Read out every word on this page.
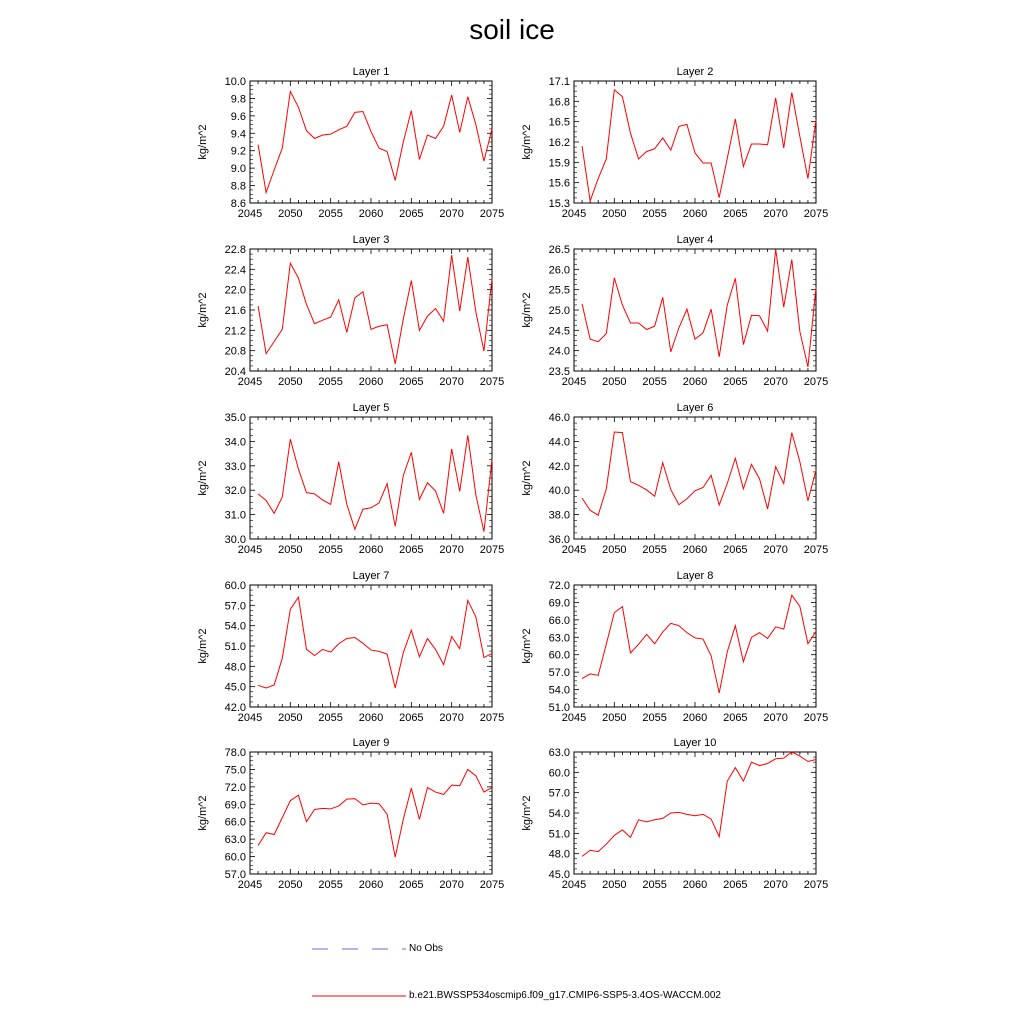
soil ice
Layer 1
2045 2050 2055 2060 2065 2070 2075
8.6
8.8
9.0
9.2
9.4
9.6
9.8
10.0
kg/m^2
Layer 2
2045 2050 2055 2060 2065 2070 2075
15.3
15.6
15.9
16.2
16.5
16.8
17.1
kg/m^2
Layer 3
2045 2050 2055 2060 2065 2070 2075
20.4
20.8
21.2
21.6
22.0
22.4
22.8
kg/m^2
Layer 4
2045 2050 2055 2060 2065 2070 2075
23.5
24.0
24.5
25.0
25.5
26.0
26.5
kg/m^2
Layer 5
2045 2050 2055 2060 2065 2070 2075
30.0
31.0
32.0
33.0
34.0
35.0
kg/m^2
Layer 6
2045 2050 2055 2060 2065 2070 2075
36.0
38.0
40.0
42.0
44.0
46.0
kg/m^2
Layer 7
2045 2050 2055 2060 2065 2070 2075
42.0
45.0
48.0
51.0
54.0
57.0
60.0
kg/m^2
Layer 8
2045 2050 2055 2060 2065 2070 2075
51.0
54.0
57.0
60.0
63.0
66.0
69.0
72.0
kg/m^2
Layer 9
2045 2050 2055 2060 2065 2070 2075
57.0
60.0
63.0
66.0
69.0
72.0
75.0
78.0
kg/m^2
Layer 10
2045 2050 2055 2060 2065 2070 2075
45.0
48.0
51.0
54.0
57.0
60.0
63.0
kg/m^2
No Obs
b.e21.BWSSP534oscmip6.f09_g17.CMIP6-SSP5-3.4OS-WACCM.002
